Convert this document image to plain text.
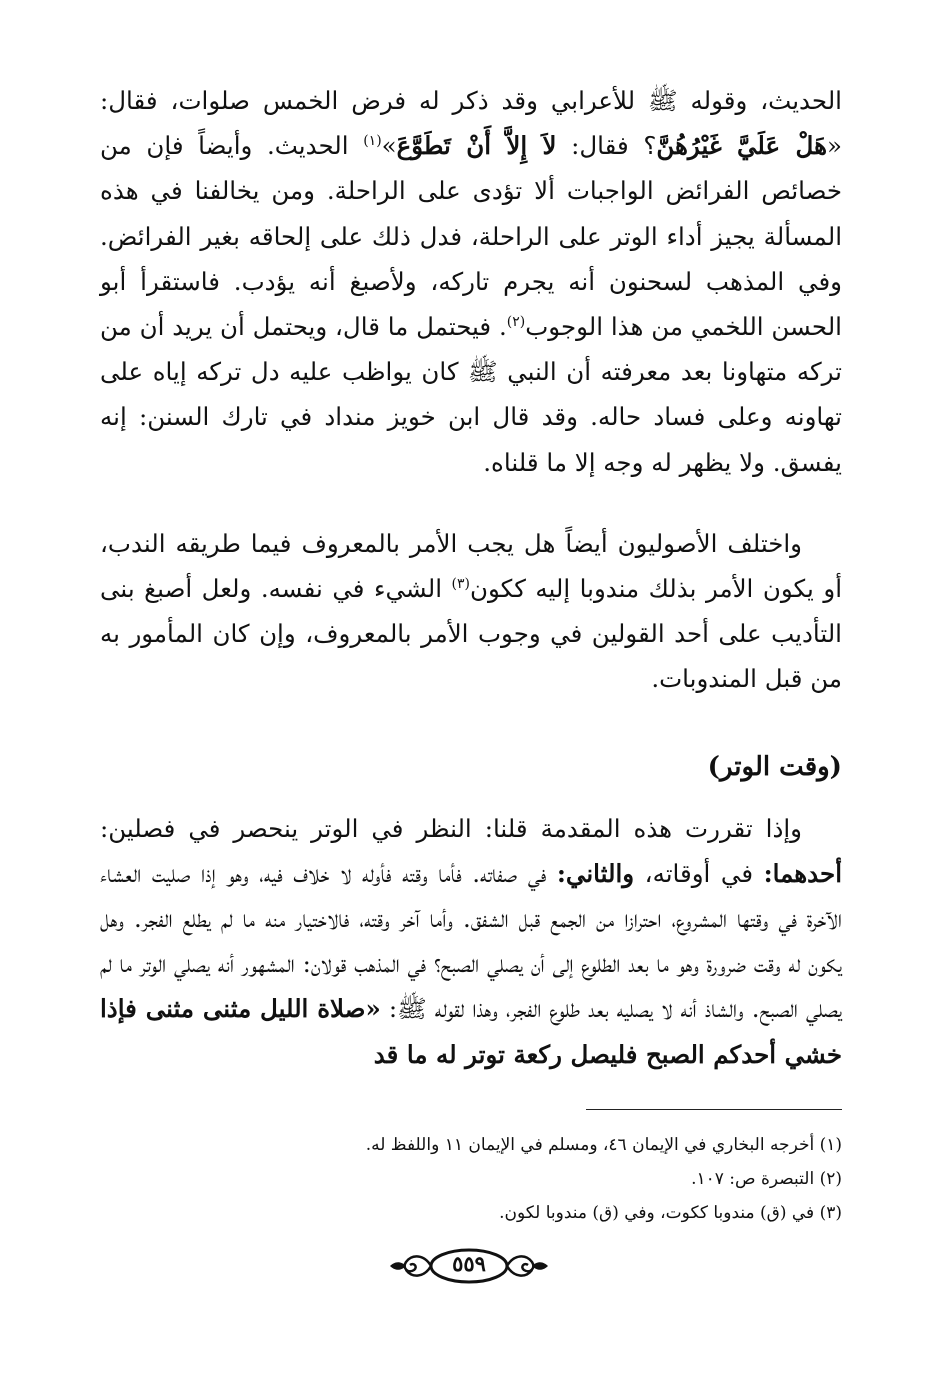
الحديث، وقوله ﷺ للأعرابي وقد ذكر له فرض الخمس صلوات، فقال: «هَلْ عَلَيَّ غَيْرُهُنَّ؟ فقال: لاَ إِلاَّ أَنْ تَطَوَّعَ»$^{(١)}$ الحديث. وأيضاً فإن من خصائص الفرائض الواجبات ألا تؤدى على الراحلة. ومن يخالفنا في هذه المسألة يجيز أداء الوتر على الراحلة، فدل ذلك على إلحاقه بغير الفرائض. وفي المذهب لسحنون أنه يجرم تاركه، ولأصبغ أنه يؤدب. فاستقرأ أبو الحسن اللخمي من هذا الوجوب$^{(٢)}$. فيحتمل ما قال، ويحتمل أن يريد أن من تركه متهاونا بعد معرفته أن النبي ﷺ كان يواظب عليه دل تركه إياه على تهاونه وعلى فساد حاله. وقد قال ابن خويز منداد في تارك السنن: إنه يفسق. ولا يظهر له وجه إلا ما قلناه.

واختلف الأصوليون أيضاً هل يجب الأمر بالمعروف فيما طريقه الندب، أو يكون الأمر بذلك مندوبا إليه ككون$^{(٣)}$ الشيء في نفسه. ولعل أصبغ بنى التأديب على أحد القولين في وجوب الأمر بالمعروف، وإن كان المأمور به من قبل المندوبات.

(وقت الوتر)

وإذا تقررت هذه المقدمة قلنا: النظر في الوتر ينحصر في فصلين: أحدهما: في أوقاته، والثاني: في صفاته. فأما وقته فأوله لا خلاف فيه، وهو إذا صليت العشاء الآخرة في وقتها المشروع، احترازا من الجمع قبل الشفق. وأما آخر وقته، فالاختيار منه ما لم يطلع الفجر. وهل يكون له وقت ضرورة وهو ما بعد الطلوع إلى أن يصلي الصبح؟ في المذهب قولان: المشهور أنه يصلي الوتر ما لم يصلي الصبح. والشاذ أنه لا يصليه بعد طلوع الفجر، وهذا لقوله ﷺ: «صلاة الليل مثنى مثنى فإذا خشي أحدكم الصبح فليصل ركعة توتر له ما قد

(١) أخرجه البخاري في الإيمان ٤٦، ومسلم في الإيمان ١١ واللفظ له.

(٢) التبصرة ص: ١٠٧.

(٣) في (ق) مندوبا ككوت، وفي (ق) مندوبا لكون.

٥٥٩
